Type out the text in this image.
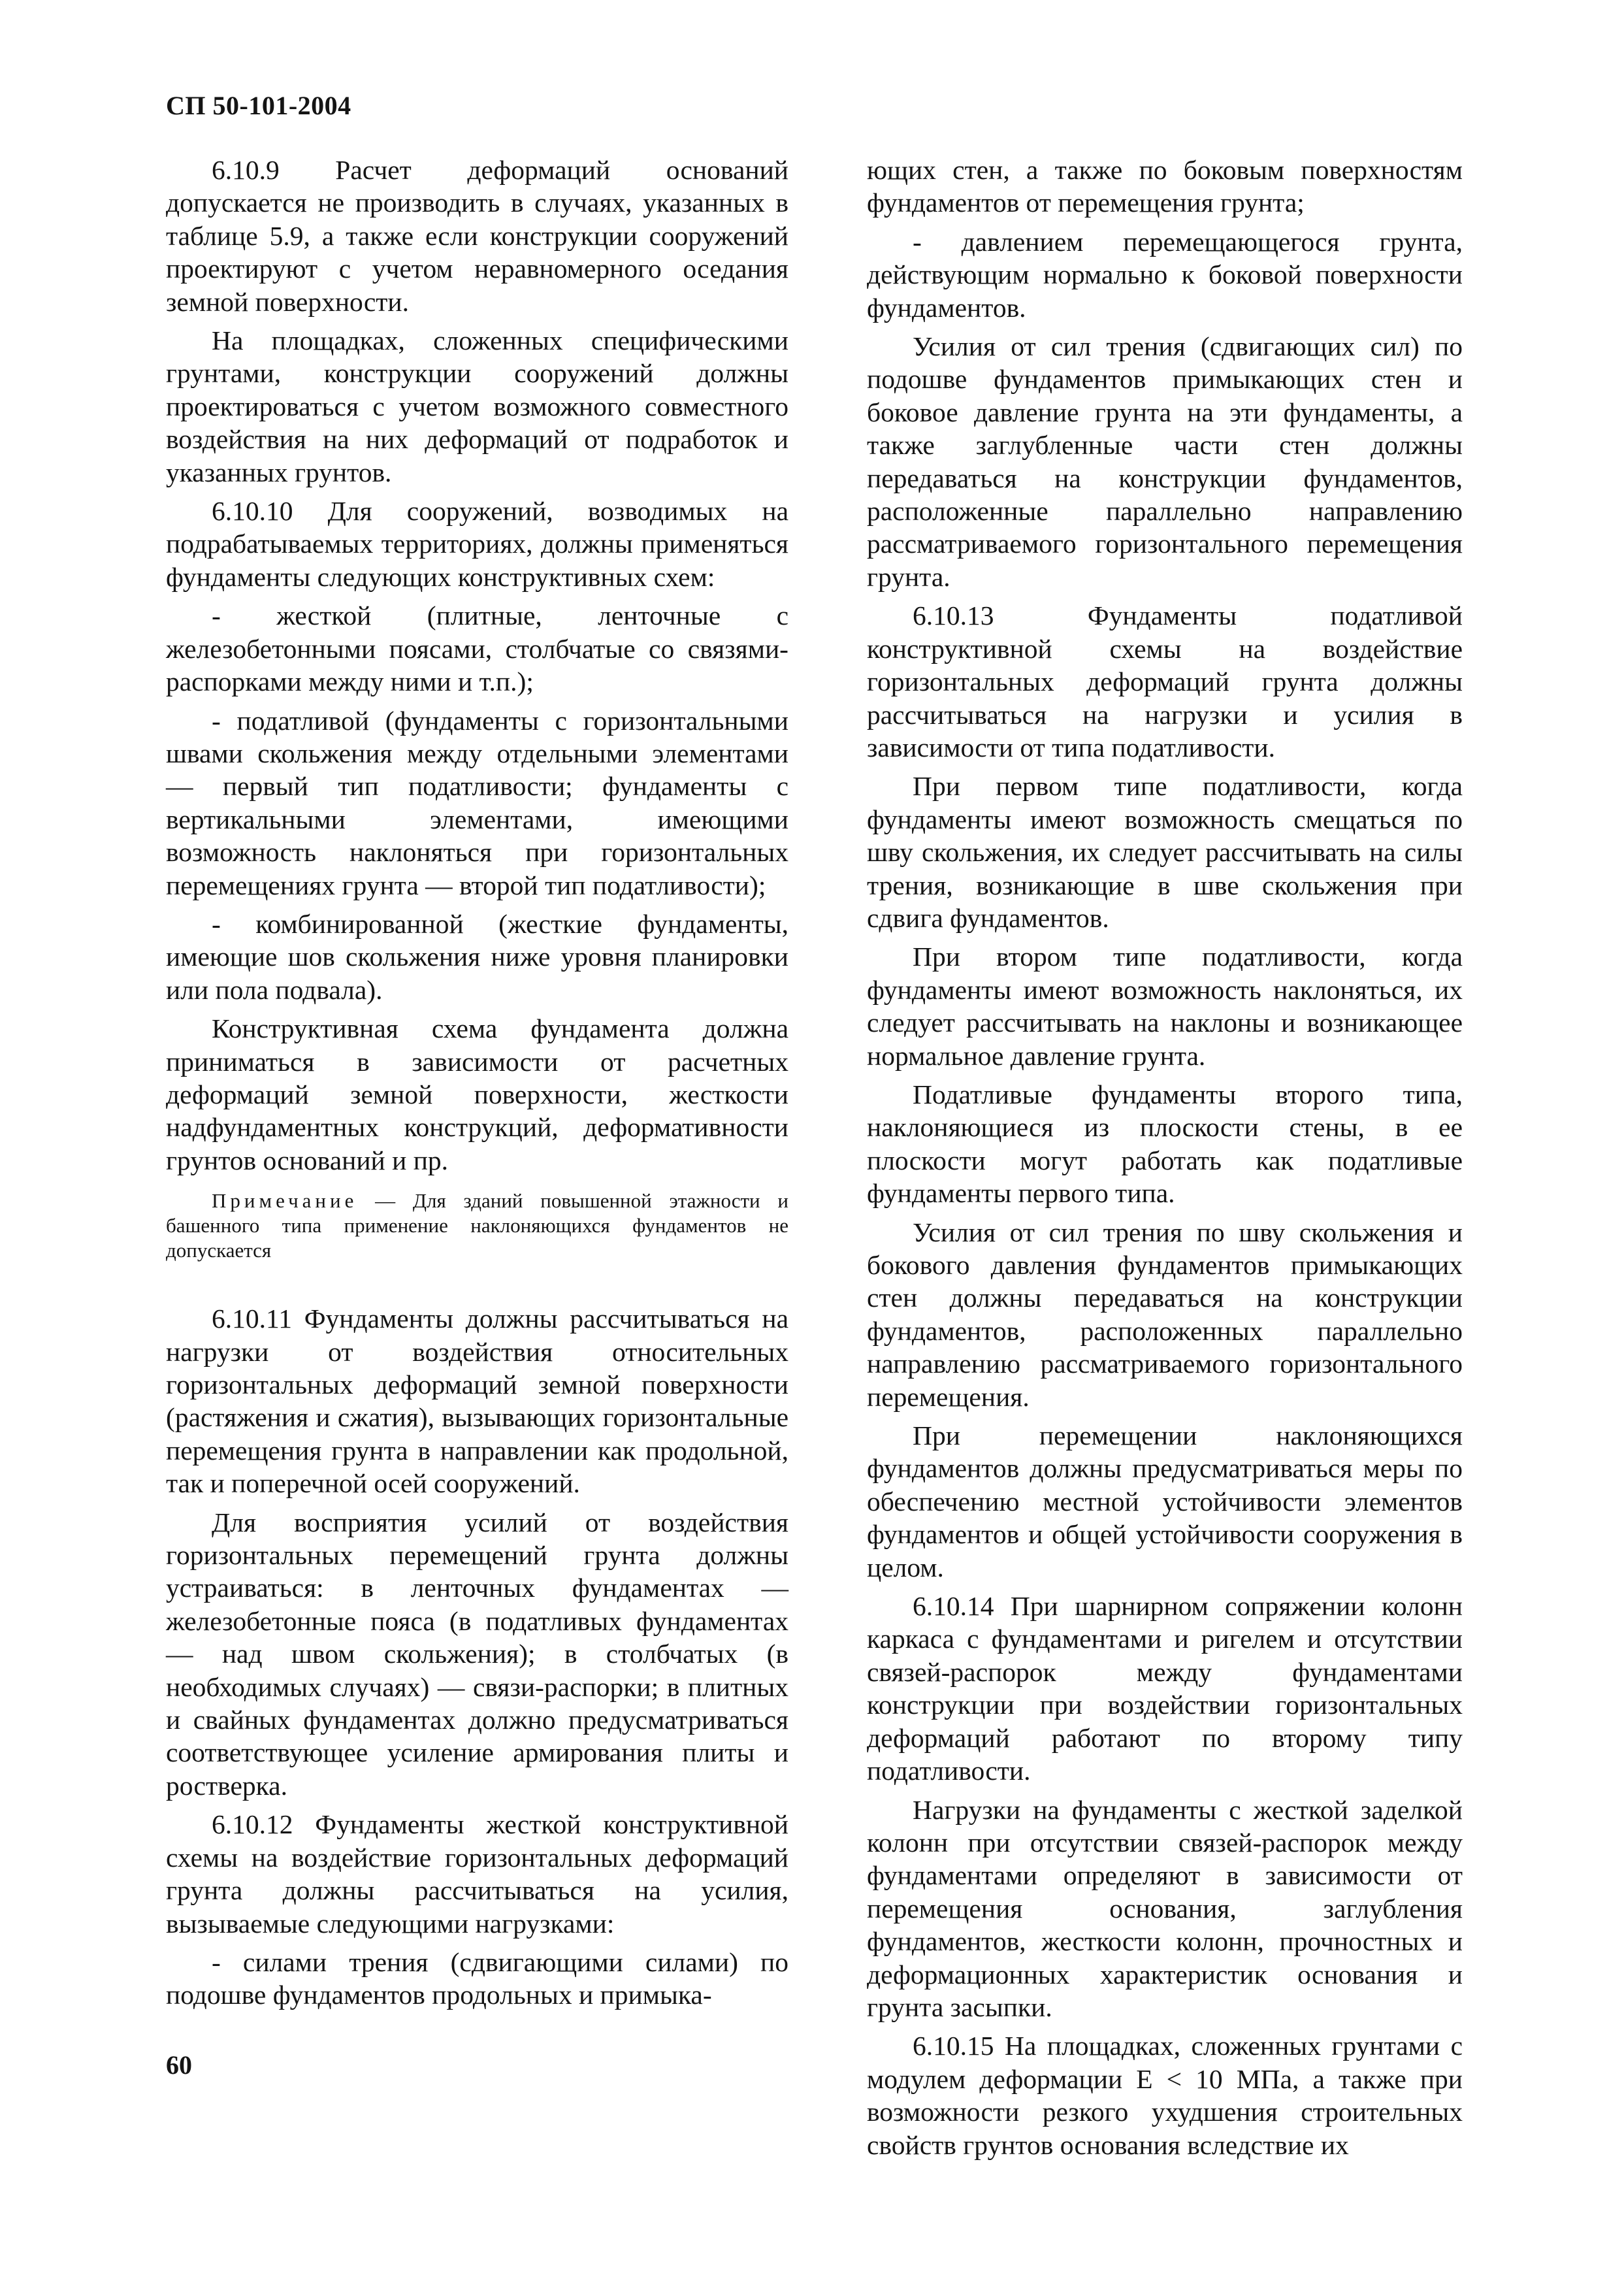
СП 50-101-2004

6.10.9 Расчет деформаций оснований допускается не производить в случаях, указанных в таблице 5.9, а также если конструкции сооружений проектируют с учетом неравномерного оседания земной поверхности.

На площадках, сложенных специфическими грунтами, конструкции сооружений должны проектироваться с учетом возможного совместного воздействия на них деформаций от подработок и указанных грунтов.

6.10.10 Для сооружений, возводимых на подрабатываемых территориях, должны применяться фундаменты следующих конструктивных схем:

- жесткой (плитные, ленточные с железобетонными поясами, столбчатые со связями-распорками между ними и т.п.);

- податливой (фундаменты с горизонтальными швами скольжения между отдельными элементами — первый тип податливости; фундаменты с вертикальными элементами, имеющими возможность наклоняться при горизонтальных перемещениях грунта — второй тип податливости);

- комбинированной (жесткие фундаменты, имеющие шов скольжения ниже уровня планировки или пола подвала).

Конструктивная схема фундамента должна приниматься в зависимости от расчетных деформаций земной поверхности, жесткости надфундаментных конструкций, деформативности грунтов оснований и пр.

Примечание — Для зданий повышенной этажности и башенного типа применение наклоняющихся фундаментов не допускается

6.10.11 Фундаменты должны рассчитываться на нагрузки от воздействия относительных горизонтальных деформаций земной поверхности (растяжения и сжатия), вызывающих горизонтальные перемещения грунта в направлении как продольной, так и поперечной осей сооружений.

Для восприятия усилий от воздействия горизонтальных перемещений грунта должны устраиваться: в ленточных фундаментах — железобетонные пояса (в податливых фундаментах — над швом скольжения); в столбчатых (в необходимых случаях) — связи-распорки; в плитных и свайных фундаментах должно предусматриваться соответствующее усиление армирования плиты и ростверка.

6.10.12 Фундаменты жесткой конструктивной схемы на воздействие горизонтальных деформаций грунта должны рассчитываться на усилия, вызываемые следующими нагрузками:

- силами трения (сдвигающими силами) по подошве фундаментов продольных и примыка-

ющих стен, а также по боковым поверхностям фундаментов от перемещения грунта;

- давлением перемещающегося грунта, действующим нормально к боковой поверхности фундаментов.

Усилия от сил трения (сдвигающих сил) по подошве фундаментов примыкающих стен и боковое давление грунта на эти фундаменты, а также заглубленные части стен должны передаваться на конструкции фундаментов, расположенные параллельно направлению рассматриваемого горизонтального перемещения грунта.

6.10.13 Фундаменты податливой конструктивной схемы на воздействие горизонтальных деформаций грунта должны рассчитываться на нагрузки и усилия в зависимости от типа податливости.

При первом типе податливости, когда фундаменты имеют возможность смещаться по шву скольжения, их следует рассчитывать на силы трения, возникающие в шве скольжения при сдвига фундаментов.

При втором типе податливости, когда фундаменты имеют возможность наклоняться, их следует рассчитывать на наклоны и возникающее нормальное давление грунта.

Податливые фундаменты второго типа, наклоняющиеся из плоскости стены, в ее плоскости могут работать как податливые фундаменты первого типа.

Усилия от сил трения по шву скольжения и бокового давления фундаментов примыкающих стен должны передаваться на конструкции фундаментов, расположенных параллельно направлению рассматриваемого горизонтального перемещения.

При перемещении наклоняющихся фундаментов должны предусматриваться меры по обеспечению местной устойчивости элементов фундаментов и общей устойчивости сооружения в целом.

6.10.14 При шарнирном сопряжении колонн каркаса с фундаментами и ригелем и отсутствии связей-распорок между фундаментами конструкции при воздействии горизонтальных деформаций работают по второму типу податливости.

Нагрузки на фундаменты с жесткой заделкой колонн при отсутствии связей-распорок между фундаментами определяют в зависимости от перемещения основания, заглубления фундаментов, жесткости колонн, прочностных и деформационных характеристик основания и грунта засыпки.

6.10.15 На площадках, сложенных грунтами с модулем деформации E < 10 МПа, а также при возможности резкого ухудшения строительных свойств грунтов основания вследствие их

60
